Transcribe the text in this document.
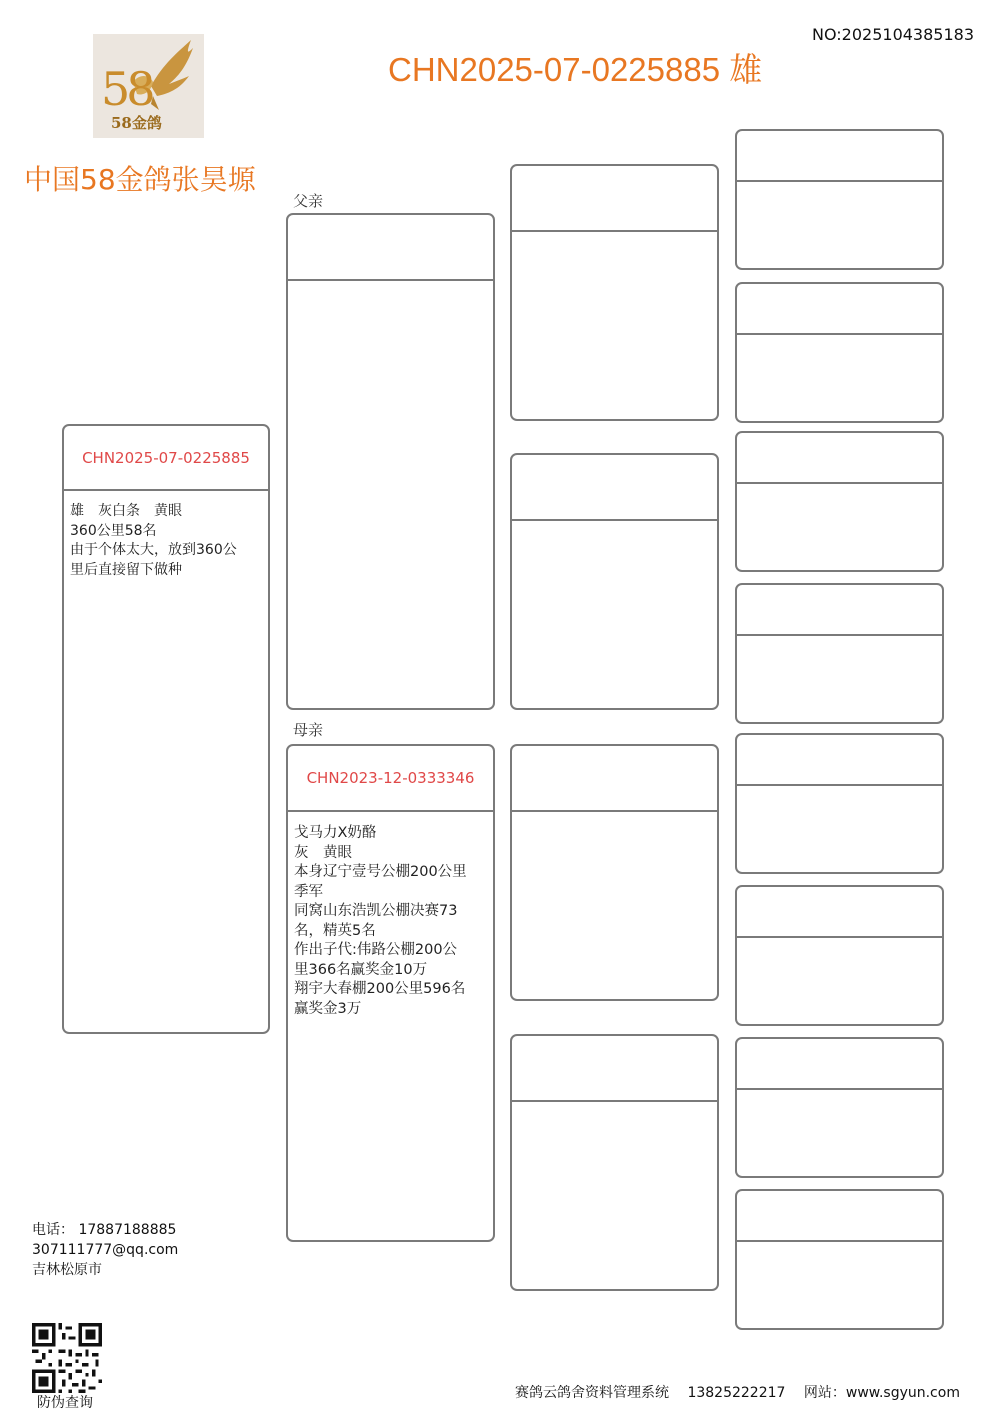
NO:2025104385183
CHN2025-07-0225885 雄
58
58金鸽
中国58金鸽张昊塬
CHN2025-07-0225885
雄　灰白条　黄眼
360公里58名
由于个体太大，放到360公
里后直接留下做种
父亲
母亲
CHN2023-12-0333346
戈马力X奶酪
灰　黄眼
本身辽宁壹号公棚200公里
季军
同窝山东浩凯公棚决赛73
名，精英5名
作出子代:伟路公棚200公
里366名赢奖金10万
翔宇大春棚200公里596名
赢奖金3万
电话： 17887188885
307111777@qq.com
吉林松原市
防伪查询
赛鸽云鸽舍资料管理系统　 13825222217　 网站：www.sgyun.com
